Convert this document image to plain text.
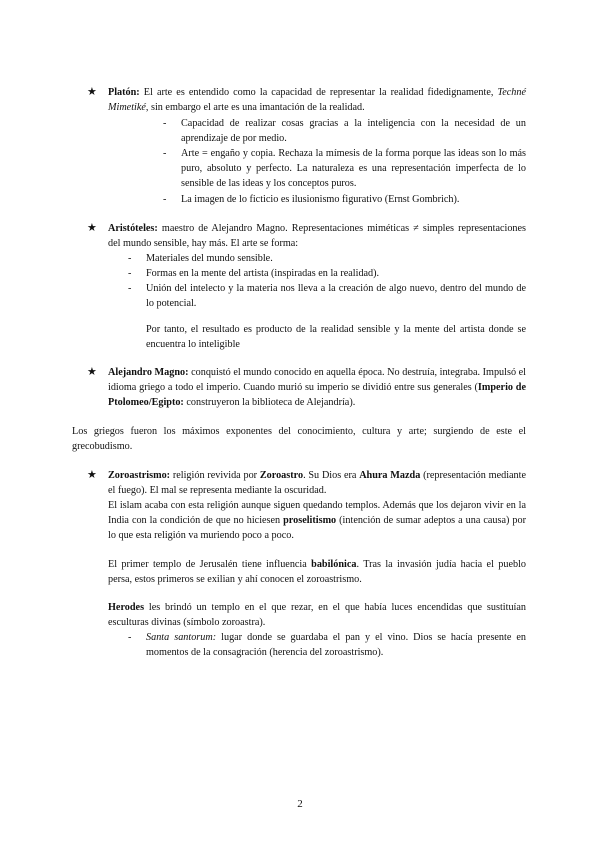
★ Platón: El arte es entendido como la capacidad de representar la realidad fidedignamente, Techné Mimetiké, sin embargo el arte es una imantación de la realidad.
- Capacidad de realizar cosas gracias a la inteligencia con la necesidad de un aprendizaje de por medio.
- Arte = engaño y copia. Rechaza la mímesis de la forma porque las ideas son lo más puro, absoluto y perfecto. La naturaleza es una representación imperfecta de lo sensible de las ideas y los conceptos puros.
- La imagen de lo ficticio es ilusionismo figurativo (Ernst Gombrich).
★ Aristóteles: maestro de Alejandro Magno. Representaciones miméticas ≠ simples representaciones del mundo sensible, hay más. El arte se forma:
- Materiales del mundo sensible.
- Formas en la mente del artista (inspiradas en la realidad).
- Unión del intelecto y la materia nos lleva a la creación de algo nuevo, dentro del mundo de lo potencial.
Por tanto, el resultado es producto de la realidad sensible y la mente del artista donde se encuentra lo inteligible
★ Alejandro Magno: conquistó el mundo conocido en aquella época. No destruía, integraba. Impulsó el idioma griego a todo el imperio. Cuando murió su imperio se dividió entre sus generales (Imperio de Ptolomeo/Egipto: construyeron la biblioteca de Alejandría).
Los griegos fueron los máximos exponentes del conocimiento, cultura y arte; surgiendo de este el grecobudismo.
★ Zoroastrismo: religión revivida por Zoroastro. Su Dios era Ahura Mazda (representación mediante el fuego). El mal se representa mediante la oscuridad.
El islam acaba con esta religión aunque siguen quedando templos. Además que los dejaron vivir en la India con la condición de que no hiciesen proselitismo (intención de sumar adeptos a una causa) por lo que esta religión va muriendo poco a poco.
El primer templo de Jerusalén tiene influencia babilónica. Tras la invasión judía hacia el pueblo persa, estos primeros se exilian y ahí conocen el zoroastrismo.
Herodes les brindó un templo en el que rezar, en el que había luces encendidas que sustituían esculturas divinas (símbolo zoroastra).
- Santa santorum: lugar donde se guardaba el pan y el vino. Dios se hacía presente en momentos de la consagración (herencia del zoroastrismo).
2
